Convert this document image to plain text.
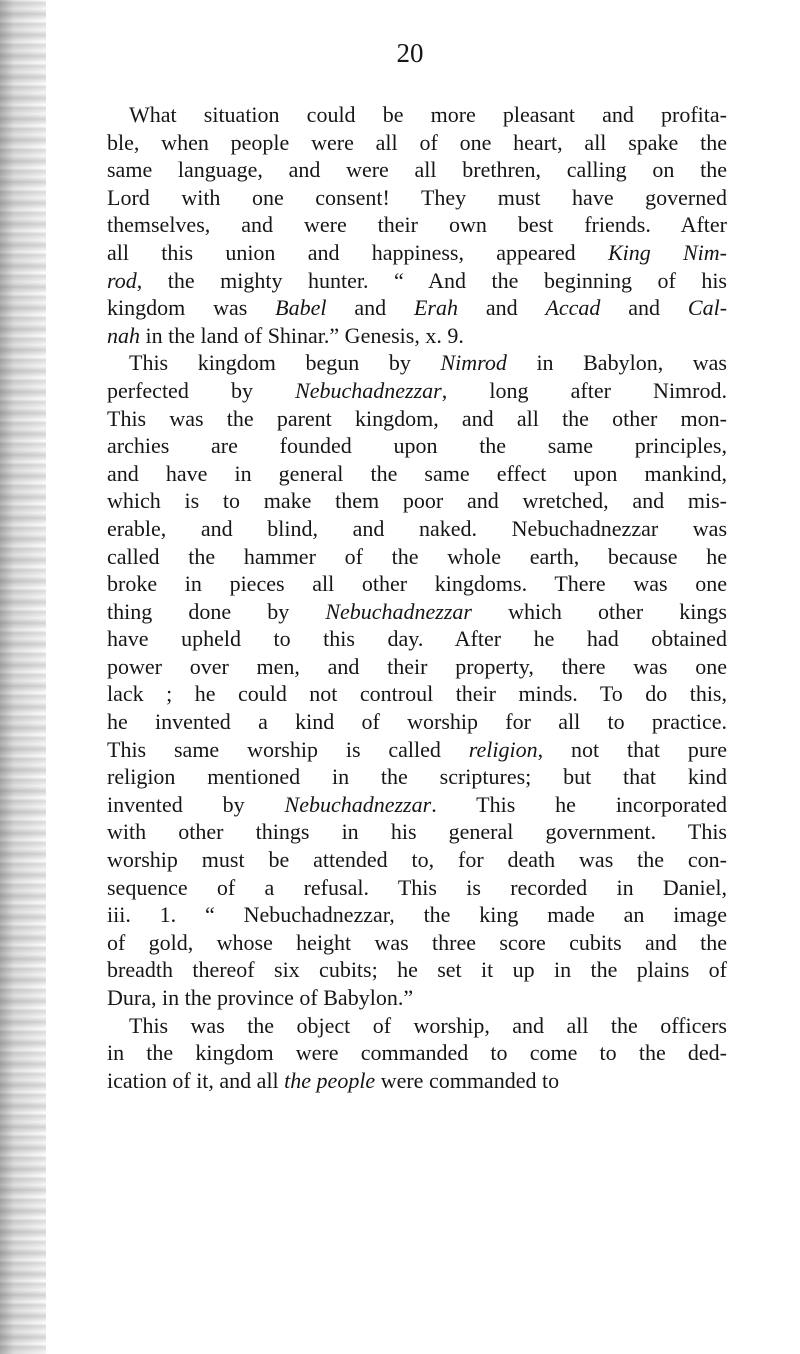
20
What situation could be more pleasant and profita-
ble, when people were all of one heart, all spake the
same language, and were all brethren, calling on the
Lord with one consent! They must have governed
themselves, and were their own best friends. After
all this union and happiness, appeared King Nim-
rod, the mighty hunter. “ And the beginning of his
kingdom was Babel and Erah and Accad and Cal-
nah in the land of Shinar.” Genesis, x. 9.
This kingdom begun by Nimrod in Babylon, was
perfected by Nebuchadnezzar, long after Nimrod.
This was the parent kingdom, and all the other mon-
archies are founded upon the same principles,
and have in general the same effect upon mankind,
which is to make them poor and wretched, and mis-
erable, and blind, and naked. Nebuchadnezzar was
called the hammer of the whole earth, because he
broke in pieces all other kingdoms. There was one
thing done by Nebuchadnezzar which other kings
have upheld to this day. After he had obtained
power over men, and their property, there was one
lack ; he could not controul their minds. To do this,
he invented a kind of worship for all to practice.
This same worship is called religion, not that pure
religion mentioned in the scriptures; but that kind
invented by Nebuchadnezzar. This he incorporated
with other things in his general government. This
worship must be attended to, for death was the con-
sequence of a refusal. This is recorded in Daniel,
iii. 1. “ Nebuchadnezzar, the king made an image
of gold, whose height was three score cubits and the
breadth thereof six cubits; he set it up in the plains of
Dura, in the province of Babylon.”
This was the object of worship, and all the officers
in the kingdom were commanded to come to the ded-
ication of it, and all the people were commanded to
